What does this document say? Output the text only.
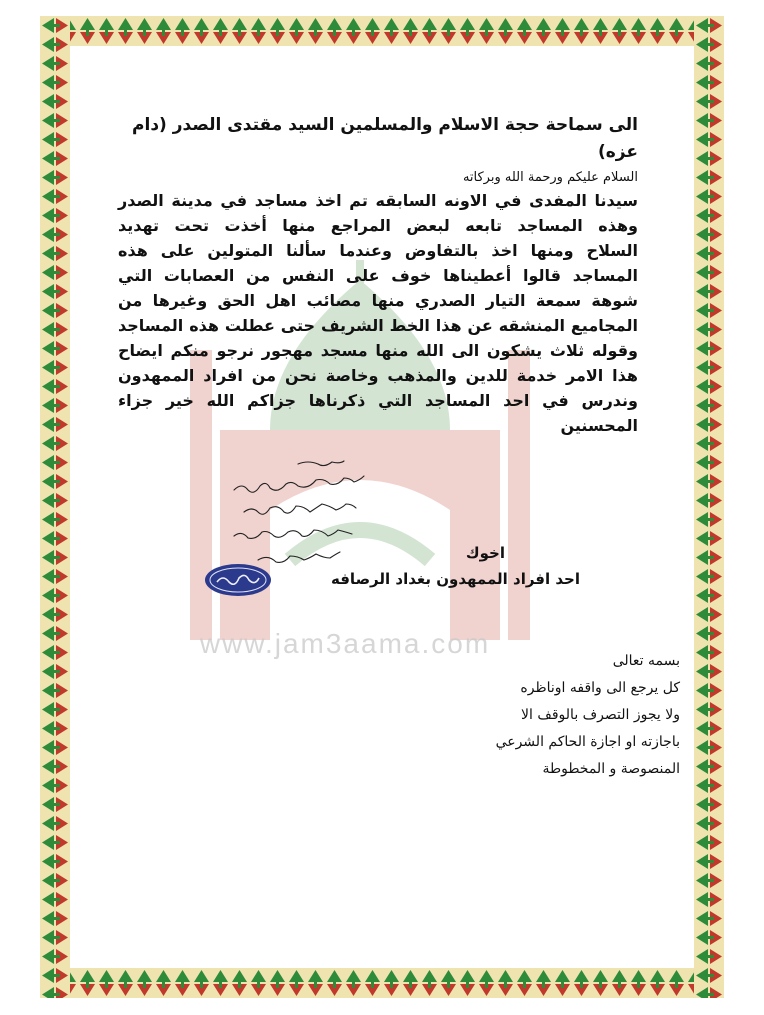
www.jam3aama.com
الى سماحة حجة الاسلام والمسلمين السيد مقتدى الصدر (دام
عزه)
السلام عليكم ورحمة الله وبركاته
سيدنا المفدى في الاونه السابقه تم اخذ مساجد في مدينة الصدر
وهذه المساجد تابعه لبعض المراجع منها أخذت تحت تهديد
السلاح ومنها اخذ بالتفاوض وعندما سألنا المتولين على هذه
المساجد قالوا أعطيناها خوف على النفس من العصابات التي
شوهة سمعة التيار الصدري منها مصائب اهل الحق وغيرها من
المجاميع المنشقه عن هذا الخط الشريف حتى عطلت هذه المساجد
وقوله ثلاث يشكون الى الله منها مسجد مهجور نرجو منكم ايضاح
هذا الامر خدمة للدين والمذهب وخاصة نحن من افراد الممهدون
وندرس في احد المساجد التي ذكرناها جزاكم الله خير جزاء
المحسنين
اخوك
احد افراد الممهدون بغداد الرصافه
بسمه تعالى
كل يرجع الى واقفه اوناظره
ولا يجوز التصرف بالوقف الا
باجازته او اجازة الحاكم الشرعي
المنصوصة و المخطوطة
